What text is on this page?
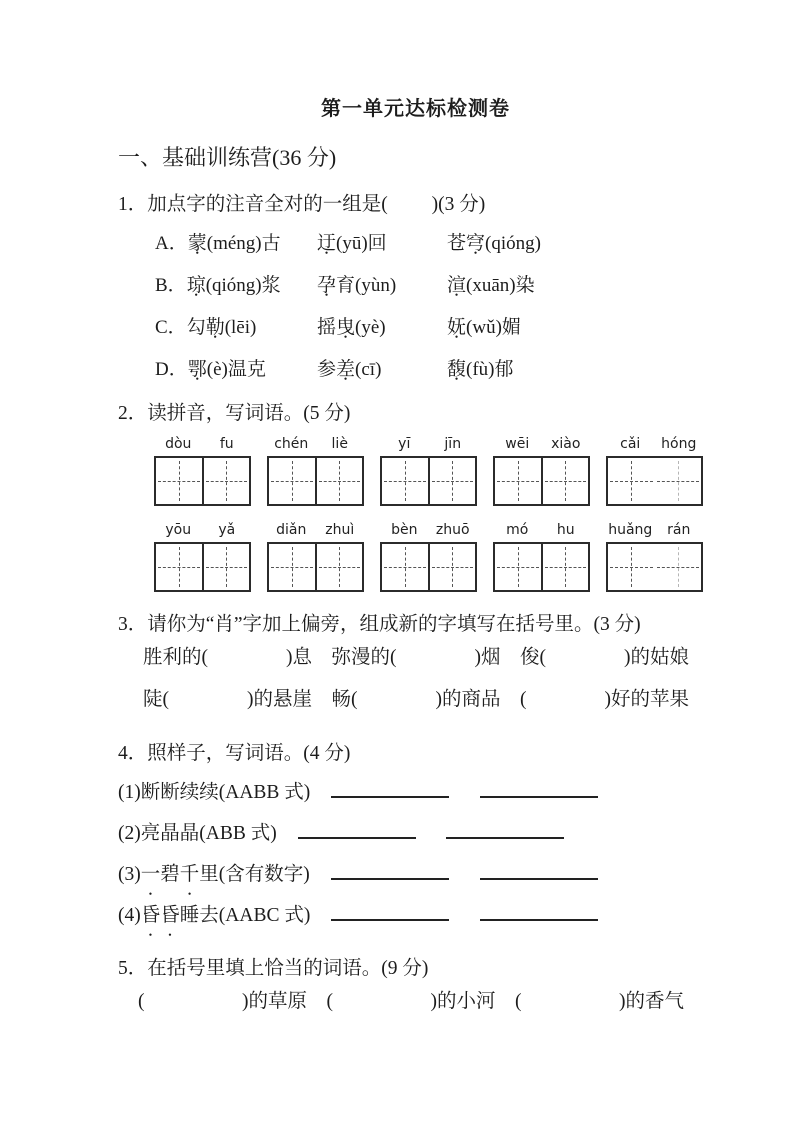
第一单元达标检测卷
一、基础训练营(36 分)
1．加点字的注音全对的一组是(　　 )(3 分)
A．蒙(méng)古	迂(yū)回	苍穹(qióng)
B．琼(qióng)浆	孕育(yùn)	渲(xuān)染
C．勾勒(lēi)	摇曳(yè)	妩(wǔ)媚
D．鄂(è)温克	参差(cī)	馥(fù)郁
2．读拼音，写词语。(5 分)
dòu	fu	chén	liè	yī	jīn	wēi	xiào	cǎi	hóng
yōu	yǎ	diǎn	zhuì	bèn	zhuō	mó	hu	huǎng	rán
3．请你为“肖”字加上偏旁，组成新的字填写在括号里。(3 分)
胜利的(　　　　)息　弥漫的(　　　　)烟　俊(　　　　)的姑娘
陡(　　　　)的悬崖　畅(　　　　)的商品　(　　　　)好的苹果
4．照样子，写词语。(4 分)
(1)断断续续(AABB 式)
(2)亮晶晶(ABB 式)
(3)一碧千里(含有数字)
(4)昏昏睡去(AABC 式)
5．在括号里填上恰当的词语。(9 分)
(　　　　　)的草原　(　　　　　)的小河　(　　　　　)的香气
